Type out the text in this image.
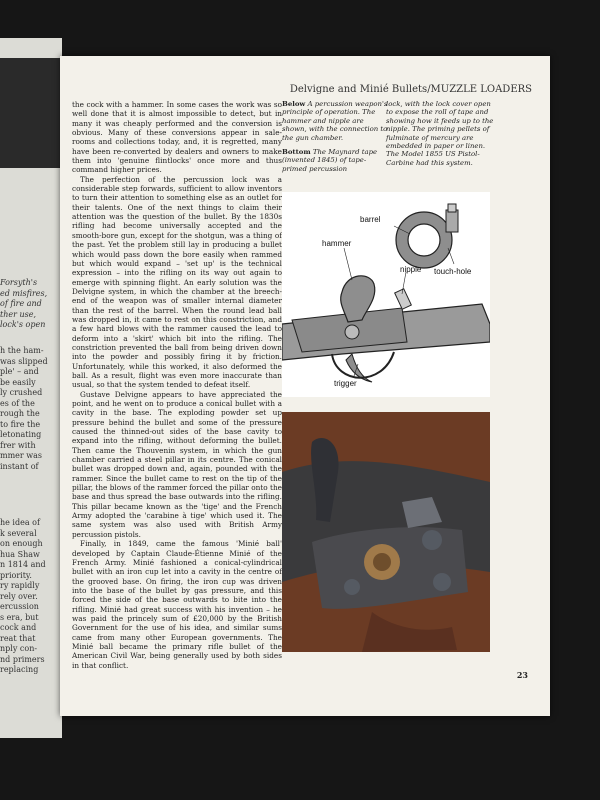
Forsyth's
ed misfires,
of fire and
ther use,
lock's open
h the ham-
was slipped
ple' – and
be easily
ly crushed
es of the
rough the
to fire the
letonating
frer with
mmer was
instant of
he idea of
k several
on enough
hua Shaw
n 1814 and
priority.
ry rapidly
rely over.
ercussion
s era, but
cock and
reat that
nply con-
nd primers
replacing
Delvigne and Minié Bullets/MUZZLE LOADERS

the cock with a hammer. In some cases the work was so well done that it is almost impossible to detect, but in many it was cheaply performed and the conversion is obvious. Many of these conversions appear in sale-rooms and collections today, and, it is regretted, many have been re-converted by dealers and owners to make them into 'genuine flintlocks' once more and thus command higher prices.

The perfection of the percussion lock was a considerable step forwards, sufficient to allow inventors to turn their attention to something else as an outlet for their talents. One of the next things to claim their attention was the question of the bullet. By the 1830s rifling had become universally accepted and the smooth-bore gun, except for the shotgun, was a thing of the past. Yet the problem still lay in producing a bullet which would pass down the bore easily when rammed but which would expand – 'set up' is the technical expression – into the rifling on its way out again to emerge with spinning flight. An early solution was the Delvigne system, in which the chamber at the breech-end of the weapon was of smaller internal diameter than the rest of the barrel. When the round lead ball was dropped in, it came to rest on this constriction, and a few hard blows with the rammer caused the lead to deform into a 'skirt' which bit into the rifling. The constriction prevented the ball from being driven down into the powder and possibly firing it by friction. Unfortunately, while this worked, it also deformed the ball. As a result, flight was even more inaccurate than usual, so that the system tended to defeat itself.

Gustave Delvigne appears to have appreciated the point, and he went on to produce a conical bullet with a cavity in the base. The exploding powder set up pressure behind the bullet and some of the pressure caused the thinned-out sides of the base cavity to expand into the rifling, without deforming the bullet. Then came the Thouvenin system, in which the gun chamber carried a steel pillar in its centre. The conical bullet was dropped down and, again, pounded with the rammer. Since the bullet came to rest on the tip of the pillar, the blows of the rammer forced the pillar onto the base and thus spread the base outwards into the rifling. This pillar became known as the 'tige' and the French Army adopted the 'carabine à tige' which used it. The same system was also used with British Army percussion pistols.

Finally, in 1849, came the famous 'Minié ball' developed by Captain Claude-Étienne Minié of the French Army. Minié fashioned a conical-cylindrical bullet with an iron cup let into a cavity in the centre of the grooved base. On firing, the iron cup was driven into the base of the bullet by gas pressure, and this forced the side of the base outwards to bite into the rifling. Minié had great success with his invention – he was paid the princely sum of £20,000 by the British Government for the use of his idea, and similar sums came from many other European governments. The Minié ball became the primary rifle bullet of the American Civil War, being generally used by both sides in that conflict.

Below A percussion weapon's principle of operation. The hammer and nipple are shown, with the connection to the gun chamber.

Bottom The Maynard tape (invented 1845) of tape-primed percussion

lock, with the lock cover open to expose the roll of tape and showing how it feeds up to the nipple. The priming pellets of fulminate of mercury are embedded in paper or linen. The Model 1855 US Pistol-Carbine had this system.

barrel
hammer
nipple touch-hole
trigger
23
